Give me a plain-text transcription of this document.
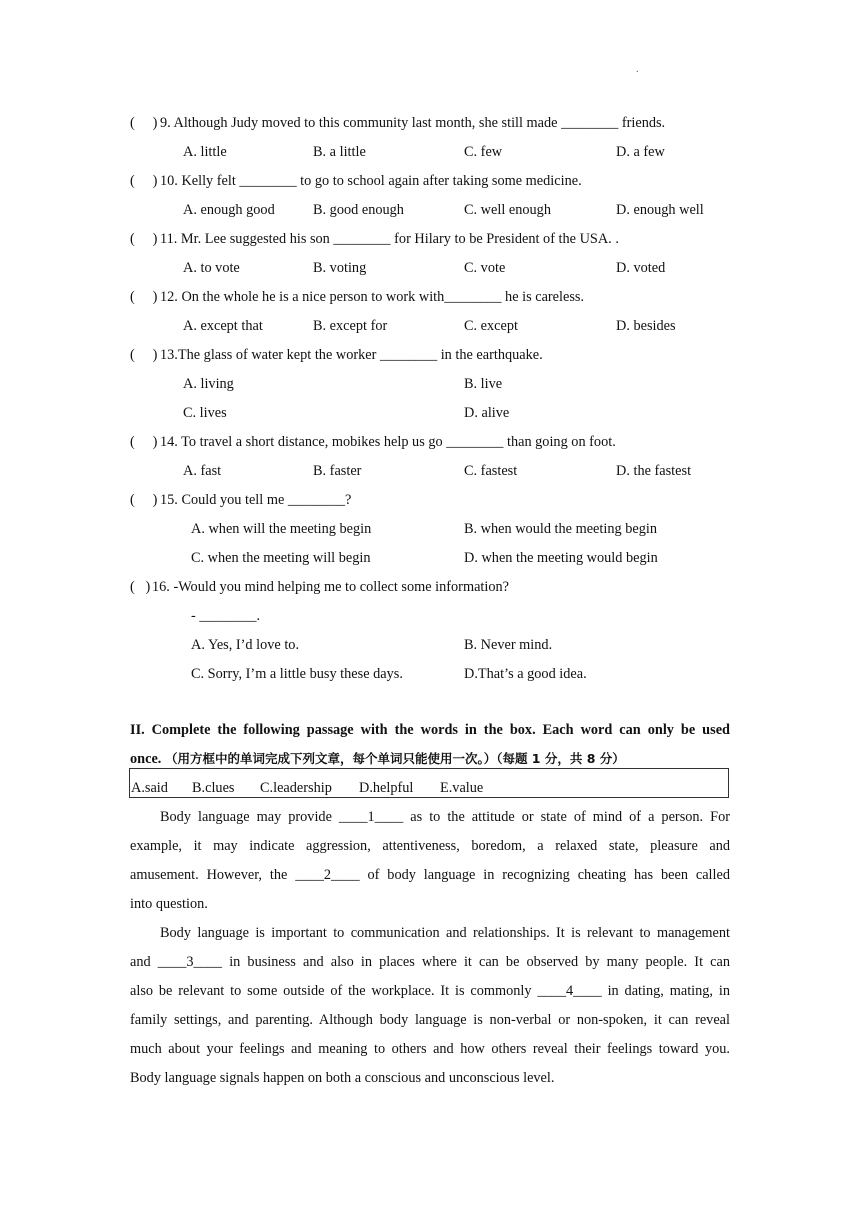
.
( ) 9. Although Judy moved to this community last month, she still made ________ friends.
A. little	B. a little	C. few	D. a few
( ) 10. Kelly felt ________ to go to school again after taking some medicine.
A. enough good	B. good enough	C. well enough	D. enough well
( ) 11. Mr. Lee suggested his son ________ for Hilary to be President of the USA. .
A. to vote	B. voting	C. vote	D. voted
( ) 12. On the whole he is a nice person to work with________ he is careless.
A. except that	B. except for	C. except	D. besides
( ) 13.The glass of water kept the worker ________ in the earthquake.
A. living	B. live
C. lives	D. alive
( ) 14. To travel a short distance, mobikes help us go ________ than going on foot.
A. fast	B. faster	C. fastest	D. the fastest
( ) 15. Could you tell me ________?
A. when will the meeting begin	B. when would the meeting begin
C. when the meeting will begin	D. when the meeting would begin
( ) 16. -Would you mind helping me to collect some information?
- ________.
A. Yes, I’d love to.	B. Never mind.
C. Sorry, I’m a little busy these days.	D.That’s a good idea.
II. Complete the following passage with the words in the box. Each word can only be used
once. （用方框中的单词完成下列文章，每个单词只能使用一次。）（每题 1 分，共 8 分）
A.said B.clues C.leadership D.helpful E.value
Body language may provide ____1____ as to the attitude or state of mind of a person. For
example, it may indicate aggression, attentiveness, boredom, a relaxed state, pleasure and
amusement. However, the ____2____ of body language in recognizing cheating has been called
into question.
Body language is important to communication and relationships. It is relevant to management
and ____3____ in business and also in places where it can be observed by many people. It can
also be relevant to some outside of the workplace. It is commonly ____4____ in dating, mating, in
family settings, and parenting. Although body language is non-verbal or non-spoken, it can reveal
much about your feelings and meaning to others and how others reveal their feelings toward you.
Body language signals happen on both a conscious and unconscious level.
